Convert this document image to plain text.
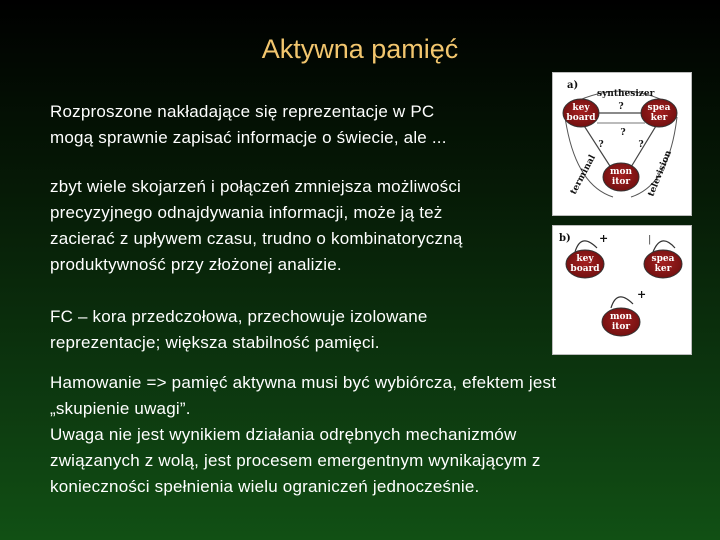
Aktywna pamięć
Rozproszone nakładające się reprezentacje w PC
mogą sprawnie zapisać informacje o świecie, ale ...
zbyt wiele skojarzeń i połączeń zmniejsza możliwości
precyzyjnego odnajdywania informacji, może ją też
zacierać z upływem czasu, trudno o kombinatoryczną
produktywność przy złożonej analizie.
FC – kora przedczołowa, przechowuje izolowane
reprezentacje; większa stabilność pamięci.
Hamowanie => pamięć aktywna musi być wybiórcza, efektem jest
„skupienie uwagi”.
Uwaga nie jest wynikiem działania odrębnych mechanizmów
związanych z wolą, jest procesem emergentnym wynikającym z
konieczności spełnienia wielu ograniczeń jednocześnie.
a)
synthesizer
terminal	television
key
board
spea
ker
mon
itor
?
?
?	?
b)	+
+
|
key
board
spea
ker
mon
itor
